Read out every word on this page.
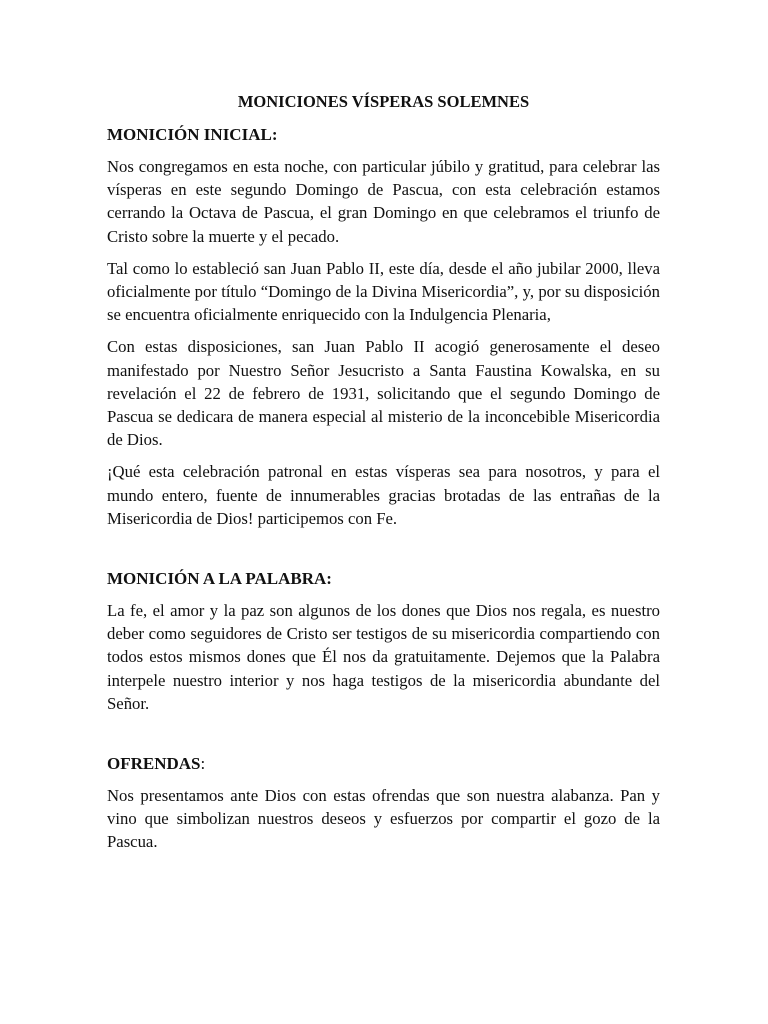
MONICIONES VÍSPERAS SOLEMNES
MONICIÓN INICIAL:

Nos congregamos en esta noche, con particular júbilo y gratitud, para celebrar las vísperas en este segundo Domingo de Pascua, con esta celebración estamos cerrando la Octava de Pascua, el gran Domingo en que celebramos el triunfo de Cristo sobre la muerte y el pecado.

Tal como lo estableció san Juan Pablo II, este día, desde el año jubilar 2000, lleva oficialmente por título “Domingo de la Divina Misericordia”, y, por su disposición se encuentra oficialmente enriquecido con la Indulgencia Plenaria,

Con estas disposiciones, san Juan Pablo II acogió generosamente el deseo manifestado por Nuestro Señor Jesucristo a Santa Faustina Kowalska, en su revelación el 22 de febrero de 1931, solicitando que el segundo Domingo de Pascua se dedicara de manera especial al misterio de la inconcebible Misericordia de Dios.

¡Qué esta celebración patronal en estas vísperas sea para nosotros, y para el mundo entero, fuente de innumerables gracias brotadas de las entrañas de la Misericordia de Dios! participemos con Fe.

MONICIÓN A LA PALABRA:

La fe, el amor y la paz son algunos de los dones que Dios nos regala, es nuestro deber como seguidores de Cristo ser testigos de su misericordia compartiendo con todos estos mismos dones que Él nos da gratuitamente. Dejemos que la Palabra interpele nuestro interior y nos haga testigos de la misericordia abundante del Señor.

OFRENDAS:

Nos presentamos ante Dios con estas ofrendas que son nuestra alabanza. Pan y vino que simbolizan nuestros deseos y esfuerzos por compartir el gozo de la Pascua.
